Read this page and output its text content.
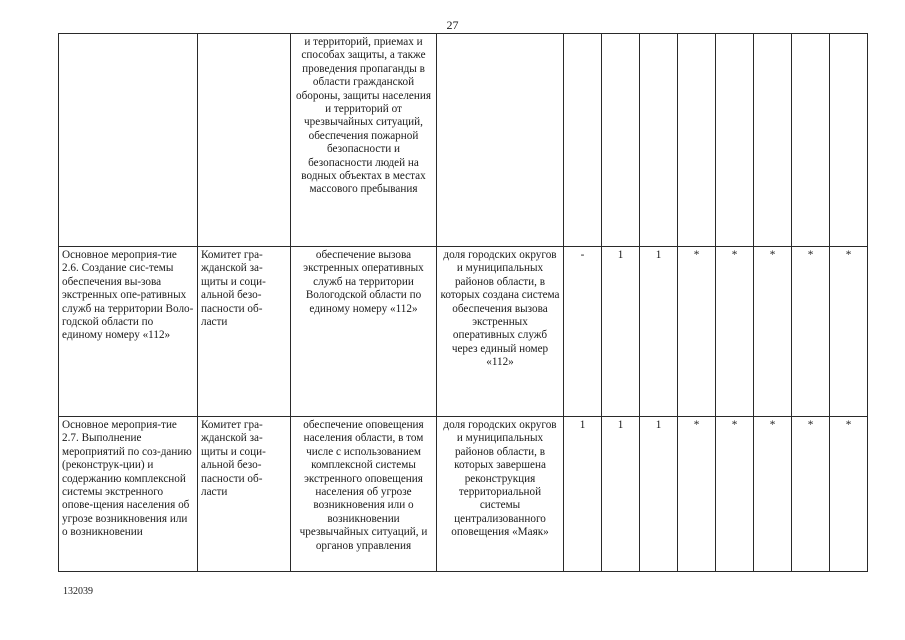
27
		и территорий, приемах и способах защиты, а также проведения пропаганды в области гражданской обороны, защиты населения и территорий от чрезвычайных ситуаций, обеспечения пожарной безопасности и безопасности людей на водных объектах в местах массового пребывания									
Основное мероприя-тие 2.6. Создание сис-темы обеспечения вы-зова экстренных опе-ративных служб на территории Воло-годской области по единому номеру «112»	Комитет гра-жданской за-щиты и соци-альной безо-пасности об-ласти	обеспечение вызова экстренных оперативных служб на территории Вологодской области по единому номеру «112»	доля городских округов и муниципальных районов области, в которых создана система обеспечения вызова экстренных оперативных служб через единый номер «112»	-	1	1	*	*	*	*	*
Основное мероприя-тие 2.7. Выполнение мероприятий по соз-данию (реконструк-ции) и содержанию комплексной системы экстренного опове-щения населения об угрозе возникновения или о возникновении	Комитет гра-жданской за-щиты и соци-альной безо-пасности об-ласти	обеспечение оповещения населения области, в том числе с использованием комплексной системы экстренного оповещения населения об угрозе возникновения или о возникновении чрезвычайных ситуаций, и органов управления	доля городских округов и муниципальных районов области, в которых завершена реконструкция территориальной системы централизованного оповещения «Маяк»	1	1	1	*	*	*	*	*
132039
